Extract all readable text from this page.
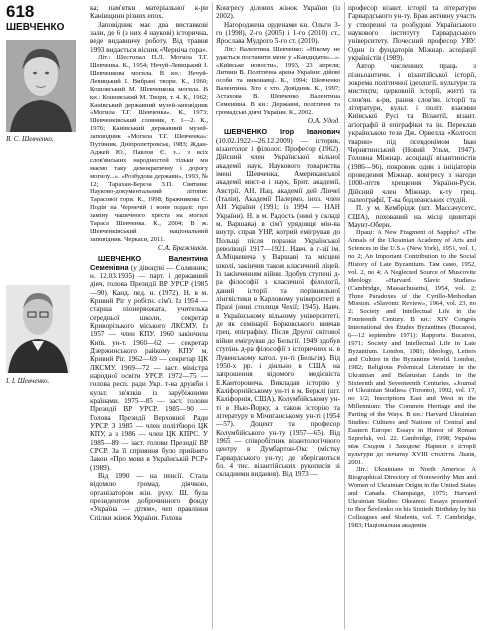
618
ШЕВЧЕНКО
В. С. Шевченко.
І. І. Шевченко.

ка; пам'ятки матеріальної к-ри Канівщини різних епох.

Заповідник має два виставкові зали, де 6 (з них 4 наукові) історична, веде видавничу роботу. Від травня 1993 видається вісник «Черніча гора».

Літ.: Шестопал П.Л. Могила Т.Г. Шевченка. К., 1954; Нечуй-Левицький І. Шевченкова могила. В кн.: Нечуй-Левицький І. Вибрані твори. К., 1960; Кошовський М. Шевченкова могила. В кн.: Кошовський М. Твори, т. 4. К., 1962; Канівський державний музей-заповідник «Могила Т.Г. Шевченка». К., 1973; Шевченківський словник, т. 1—2. К., 1976; Канівський державний музей-заповідник «Могила Т.Г. Шевченка»: Путівник. Дніпропетровськ, 1983; Ждан-Аджей Ю., Павлов Є. з... з всіх слов'янських народностей тільки ми маємо таку демократичну і дорогу могилу...». «Розбудова держави», 1993, № 12; Тарахан-Береза З.П. Святиня: Науково-документальний літопис Тарасової гори. К., 1998; Бражникова С. Подія на Чернечій і вони подалі: про заміну чашечного хреста на могилі Тараса Шевченка. К., 2004; В ж. Шевченківський національний заповідник. Черкаси, 2011.

С.А. Бражників.

ШЕВЧЕНКО Валентина Семенівна (у дівоцтві — Солянник; н. 12.03.1935) — парт. і державний діяч, голова Президії ВР УРСР (1985—90). Канд. пед. н. (1972). Н. в м. Кривий Ріг у робітн. сім'ї. Із 1954 — старша піонервожата, учителька середньої школи, секретар Криворізького міського ЛКСМУ. Із 1957 — член КПУ. 1960 закінчила Київ. ун-т. 1960—62 — секретар Дзержинського райкому КПУ м. Кривий Ріг. 1962—69 — секретар ЦК ЛКСМУ. 1969—72 — заст. міністра народної освіти УРСР. 1972—75 — голова респ. ради Укр. т-ва дружби і культ. зв'язків із зарубіжними країнами. 1975—85 — заст. голови Президії ВР УРСР. 1985—90 — Голова Президії Верховної Ради УРСР. З 1985 — член політбюро ЦК КПУ, а з 1986 — член ЦК КПРС. У 1985—89 — заст. голови Президії ВР СРСР. За її сприяння було прийнято Закон «Про мови в Українській РСР» (1989).

Від 1990 — на пенсії. Стала відомою громад. діячкою, організатором жін. руху. Ш. була президентом доброчинного фонду «Україна — дітям», чеп правління Спілки жінок України. Голова

Конгресу ділових жінок України (із 2002).

Нагороджена орденами кн. Ольги 3-го (1998), 2-го (2005) і 1-го (2010) ст., Ярослава Мудрого 5-го ст. (2010).

Літ.: Валентина Шевченко: «Нікому не удається поставити мене у «Кандидати»...». «Київське новости», 1993, 23 апреля; Литвин В. Політична арена України: дійові особи та виконавці. К., 1994; Шевченко Валентина. Хто є хто. Довідник. К., 1997; Астахова В. Шевченко Валентина Семенівна. В кн.: Державні, політичні та громадські діячі України. К., 2002.

О.А. Удод.

ШЕВЧЕНКО Ігор Іванович (10.02.1922—26.12.2009) — історик, візантолог і філолог. Професор (1962). Дійсний член Української вільної академії наук, Наукового товариства імені Шевченка, Американської академії мист-в і наук, Брит. академії, Австрії. АН, Нац. академії дей Лінчеї (Італія), Академії Палермо, іноз. член АН України (1991; із 1994 — НАН України). Н. в м. Радость (нині у складі м. Варшава) в сім'ї урядовця мін-ва внутр. справ УНР, котрий емігрував до Польщі після поразки Української революції 1917—1921. Навч. в г-зії ім. А.Міцкевича у Варшаві та місцеві школі, закінчив також класичний ліцей. Із закінченням війни. Здобув ступені д-ра філософії з класичної філології, даний історії та порівняльної лінгвістики в Карловому університеті в Празі (нині столиця Чехії; 1945). Навч. в Українському вільному університеті, де як семінарії Борковського вивчав грец. епіграфіку. Після Другої світової війни емігрував до Бельгії. 1949 здобув ступінь д-ра філософії з історичних н. в Лувенському катол. ун-ті (Бельгія). Від 1950-х рр. і діяльно в США на запрошення відомого медієвіста Е.Канторовича. Викладав історію у Каліфорнійському ун-ті в м. Берклі (шт. Каліфорнія, США), Колумбійському ун-ті в Нью-Йорку, а також історію та літературу в Мічиганському ун-ті (1954—57). Доцент та професор Колумбійського ун-ту (1957—65). Від 1965 — співробітник візантологічного центру в Думбартон-Окс (містку Гарвардського ун-ту; де зберігаються бл. 4 тис. візантійських рукописів зі складними видання). Від 1973 —

професор візант. історії та літератури Гарвардського ун-ту. Брав активну участь у створенні та розбудові Українського наукового інституту Гарвардського університету. Почесний професор УВУ. Один із фундаторів Міжнар. асоціації україністів (1989).

Автор численних праць з пізньоантичн. і візантійської історії, зокрема політичної ідеології, культури та мистецтв; церковній історії, житті та слов'ян. к-ри, рання слов'ян. історії та літератури, культ. і політ. взаємин Київської Русі та Візантії, візант. агіографії й епіграфіки та ін. Переклав українською тези Дж. Орвелла «Колгосп тварин» під псевдонімом Іван Чернятинський (Новий Ульм, 1947). Головна Міжнар. асоціації візантиністів (1986—96), покровик один з ініціаторів проведення Міжнар. конгресу з нагоди 1000-ліття хрещення України-Руси. Дійсний член Міжнар. к-ту грец. палеографії, Т-ва бодлеанських студій.

П. у м. Кембрідж (шт. Массачусетс, США), похований на місці цвинтарі Маунт-Оберн.

Праці: A New Fragment of Sappho? «The Annals of the Ukrainian Academy of Arts and Sciences in the U.S.» (New York), 1951, vol. 1, no 2; An Important Contribution to the Social History of Late Byzantium. Там само, 1952, vol. 2, no 4; A Neglected Source of Muscovite Ideology. «Harvard Slavic Studies» (Cambridge, Massachusetts), 1954, vol. 2; Three Paradoxes of the Cyrillo-Methodian Mission. «Slavonic Review», 1964, vol. 23, no 2; Society and Intellectual Life in the Fourteenth Century. В кн.: XIV Congrès International des Études Byzantines (Bucarest, 6—12 septembre 1971): Rapports. Bucarest, 1971; Society and Intellectual Life in Late Byzantium. London, 1981; Ideology, Letters and Culture in the Byzantine World. London, 1982; Religious Polemical Literature in the Ukrainian and Belarusian Lands in the Sixteenth and Seventeenth Centuries. «Journal of Ukrainian Studies» (Toronto), 1992, vol. 17, no 1/2; Inscriptions East and West in the Millennium: The Common Heritage and the Parting of the Ways. B кн.: Harvard Ukrainian Studies: Cultures and Nations of Central and Eastern Europe: Essays in Honor of Roman Szporluk, vol. 22. Cambridge, 1998; Україна між Сходом і Заходом: Нариси з історії культури до початку XVIII століття. Львів, 2001.

Літ.: Ukrainians in North America: A Biographical Directory of Noteworthy Men and Women of Ukrainian Origin in the United States and Canada. Champaign, 1975; Harvard Ukrainian Studies: Okeanos: Essays presented to Ihor Ševčenko on his Sixtieth Birthday by his Colleagues and Students, vol. 7. Cambridge, 1983; Національна академія
